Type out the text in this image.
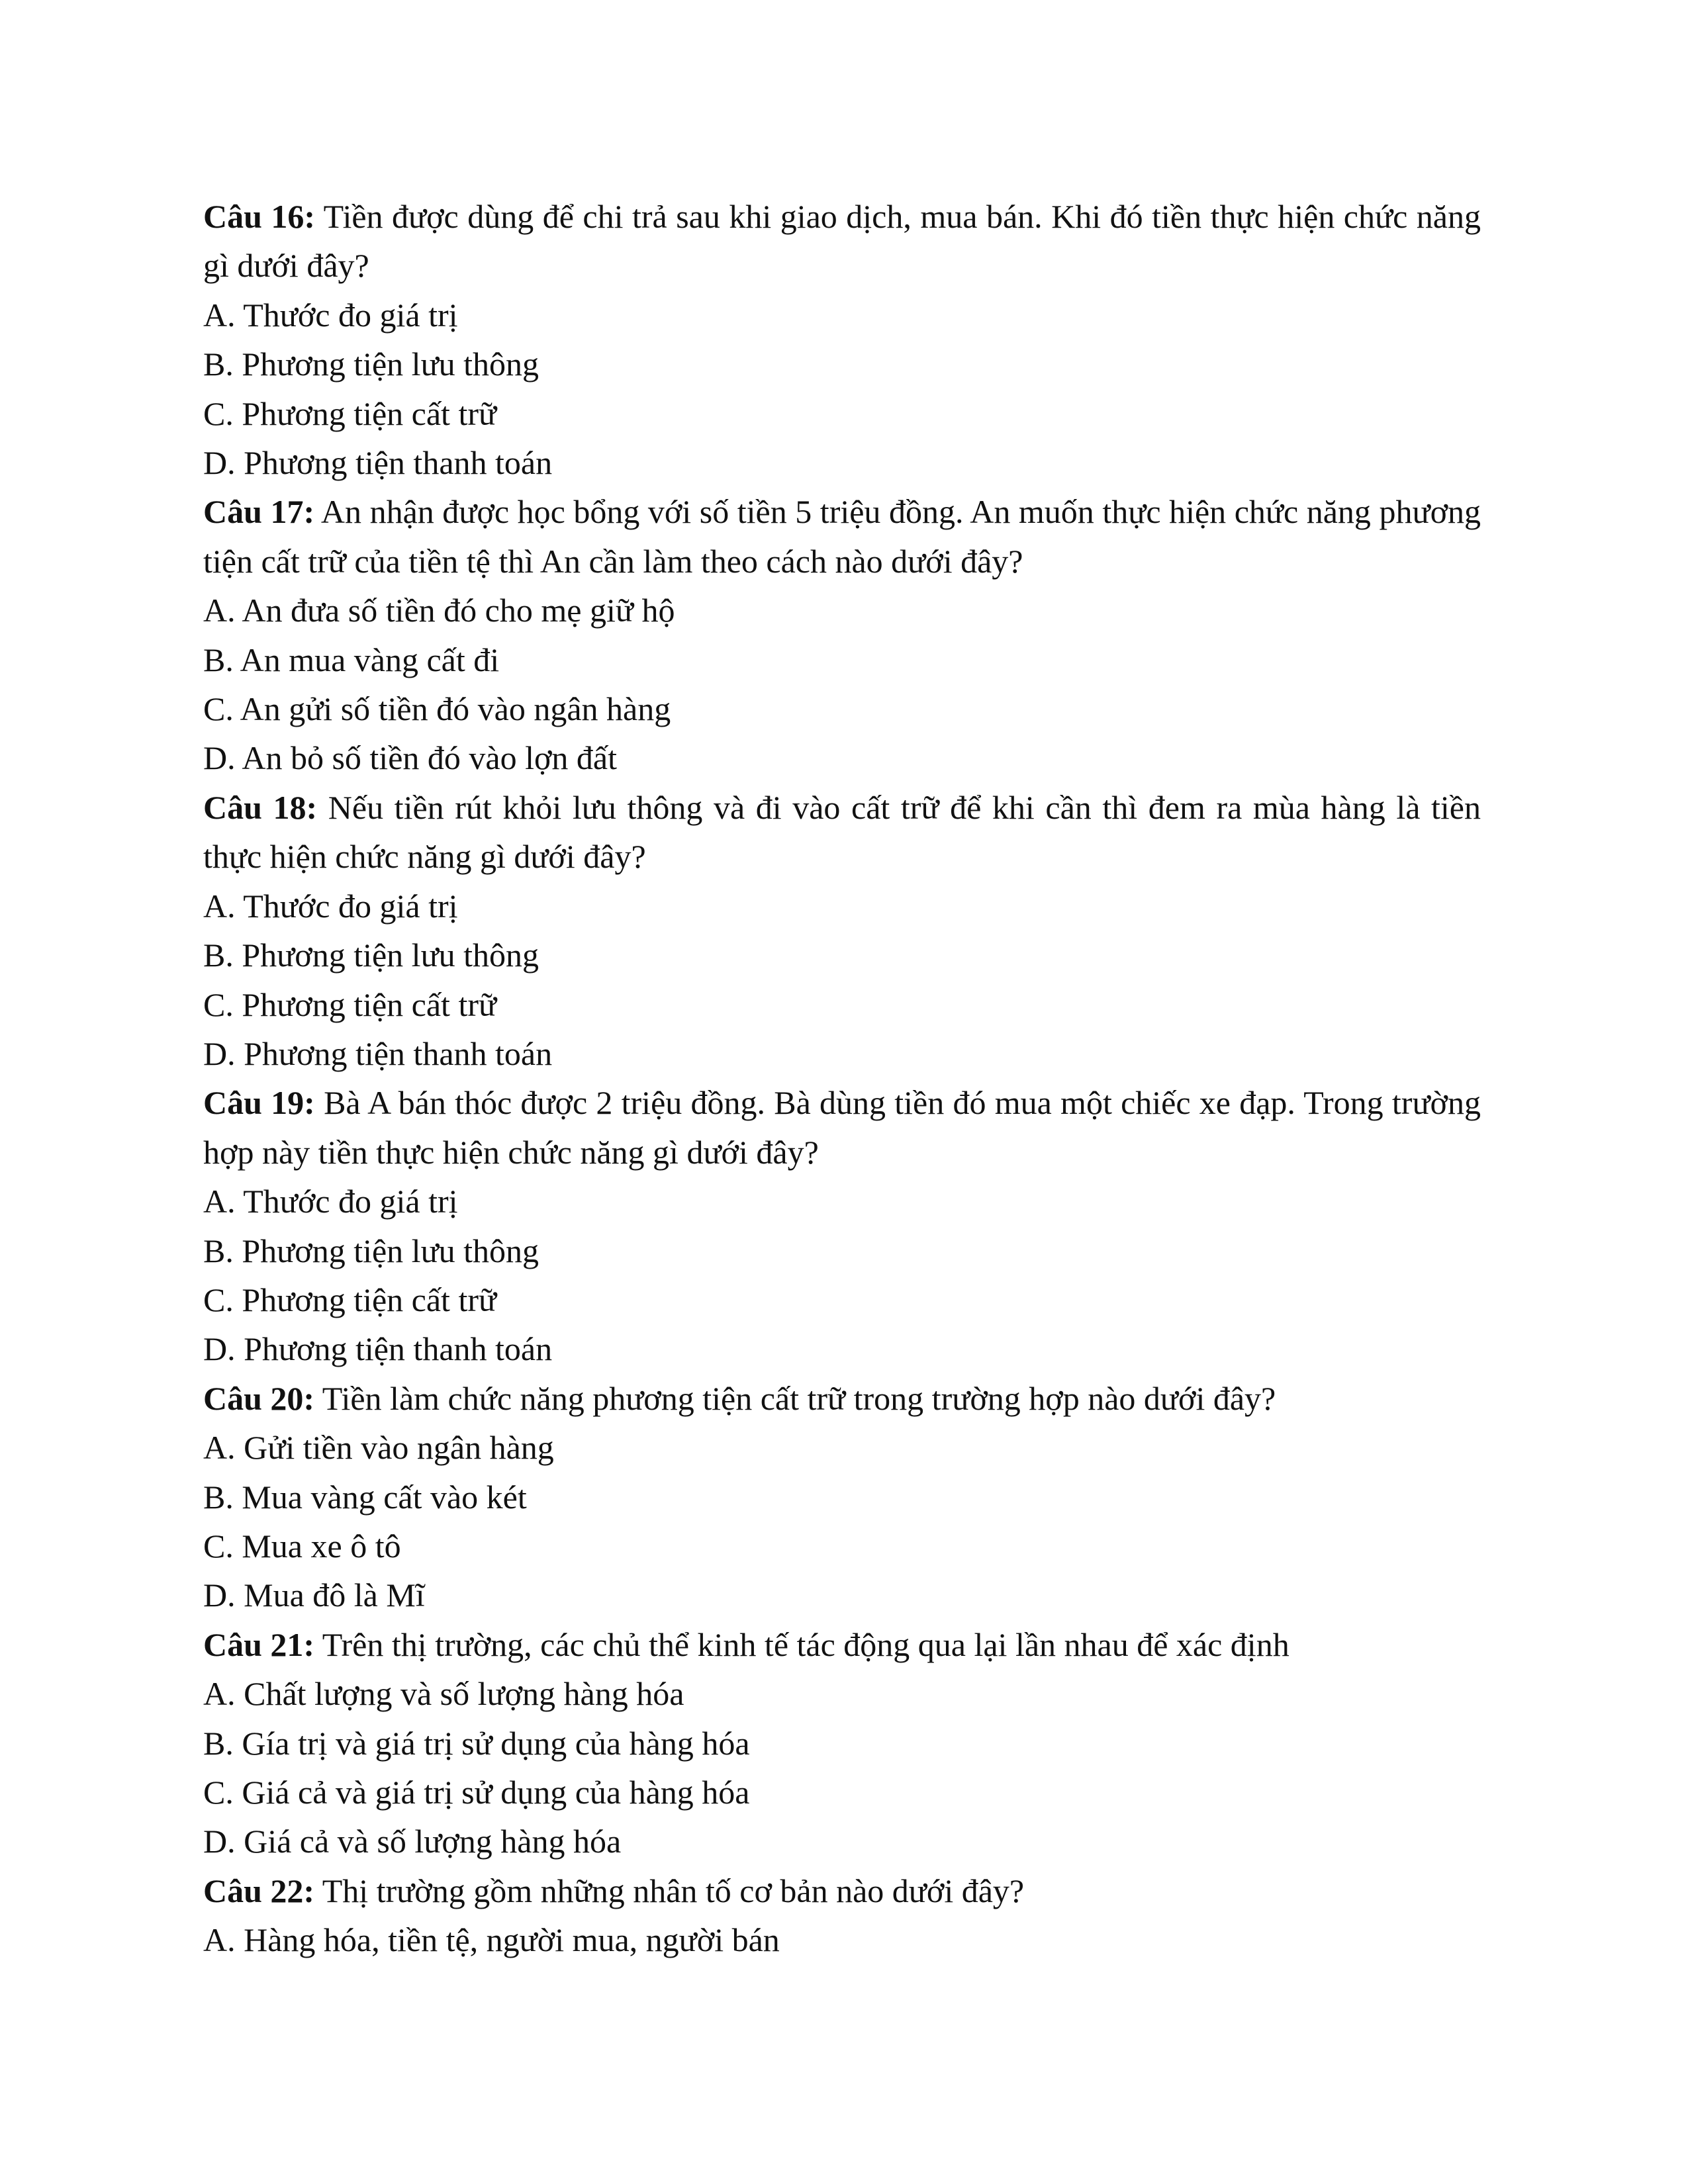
Câu 16: Tiền được dùng để chi trả sau khi giao dịch, mua bán. Khi đó tiền thực hiện chức năng gì dưới đây?

A. Thước đo giá trị

B. Phương tiện lưu thông

C. Phương tiện cất trữ

D. Phương tiện thanh toán

Câu 17: An nhận được học bổng với số tiền 5 triệu đồng. An muốn thực hiện chức năng phương tiện cất trữ của tiền tệ thì An cần làm theo cách nào dưới đây?

A. An đưa số tiền đó cho mẹ giữ hộ

B. An mua vàng cất đi

C. An gửi số tiền đó vào ngân hàng

D. An bỏ số tiền đó vào lợn đất

Câu 18: Nếu tiền rút khỏi lưu thông và đi vào cất trữ để khi cần thì đem ra mùa hàng là tiền thực hiện chức năng gì dưới đây?

A. Thước đo giá trị

B. Phương tiện lưu thông

C. Phương tiện cất trữ

D. Phương tiện thanh toán

Câu 19: Bà A bán thóc được 2 triệu đồng. Bà dùng tiền đó mua một chiếc xe đạp. Trong trường hợp này tiền thực hiện chức năng gì dưới đây?

A. Thước đo giá trị

B. Phương tiện lưu thông

C. Phương tiện cất trữ

D. Phương tiện thanh toán

Câu 20: Tiền làm chức năng phương tiện cất trữ trong trường hợp nào dưới đây?

A. Gửi tiền vào ngân hàng

B. Mua vàng cất vào két

C. Mua xe ô tô

D. Mua đô là Mĩ

Câu 21: Trên thị trường, các chủ thể kinh tế tác động qua lại lần nhau để xác định

A. Chất lượng và số lượng hàng hóa

B. Gía trị và giá trị sử dụng của hàng hóa

C. Giá cả và giá trị sử dụng của hàng hóa

D. Giá cả và số lượng hàng hóa

Câu 22: Thị trường gồm những nhân tố cơ bản nào dưới đây?

A. Hàng hóa, tiền tệ, người mua, người bán
